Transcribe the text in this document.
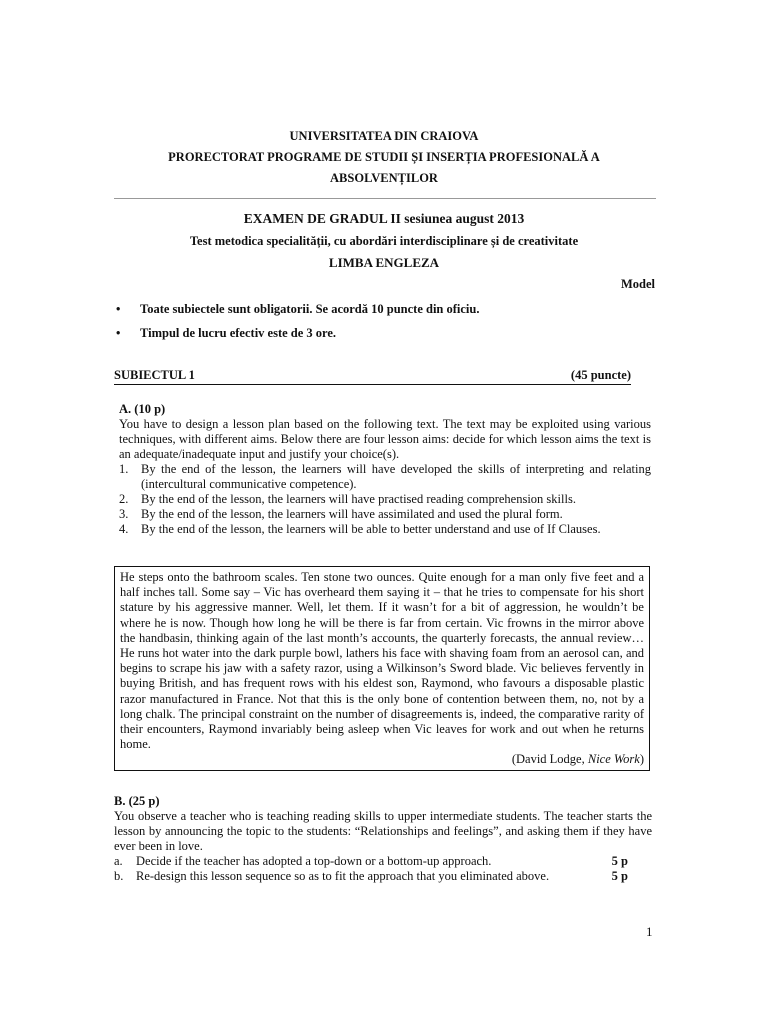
UNIVERSITATEA DIN CRAIOVA
PRORECTORAT PROGRAME DE STUDII ȘI INSERȚIA PROFESIONALĂ A
ABSOLVENȚILOR
EXAMEN DE GRADUL II sesiunea august 2013
Test metodica specialității, cu abordări interdisciplinare și de creativitate
LIMBA ENGLEZA
Model
• Toate subiectele sunt obligatorii. Se acordă 10 puncte din oficiu.
• Timpul de lucru efectiv este de 3 ore.
SUBIECTUL 1	(45 puncte)
A. (10 p)
You have to design a lesson plan based on the following text. The text may be exploited using various techniques, with different aims. Below there are four lesson aims: decide for which lesson aims the text is an adequate/inadequate input and justify your choice(s).
1. By the end of the lesson, the learners will have developed the skills of interpreting and relating (intercultural communicative competence).
2. By the end of the lesson, the learners will have practised reading comprehension skills.
3. By the end of the lesson, the learners will have assimilated and used the plural form.
4. By the end of the lesson, the learners will be able to better understand and use of If Clauses.
He steps onto the bathroom scales. Ten stone two ounces. Quite enough for a man only five feet and a half inches tall. Some say – Vic has overheard them saying it – that he tries to compensate for his short stature by his aggressive manner. Well, let them. If it wasn’t for a bit of aggression, he wouldn’t be where he is now. Though how long he will be there is far from certain. Vic frowns in the mirror above the handbasin, thinking again of the last month’s accounts, the quarterly forecasts, the annual review…He runs hot water into the dark purple bowl, lathers his face with shaving foam from an aerosol can, and begins to scrape his jaw with a safety razor, using a Wilkinson’s Sword blade. Vic believes fervently in buying British, and has frequent rows with his eldest son, Raymond, who favours a disposable plastic razor manufactured in France. Not that this is the only bone of contention between them, no, not by a long chalk. The principal constraint on the number of disagreements is, indeed, the comparative rarity of their encounters, Raymond invariably being asleep when Vic leaves for work and out when he returns home.
(David Lodge, Nice Work)
B. (25 p)
You observe a teacher who is teaching reading skills to upper intermediate students. The teacher starts the lesson by announcing the topic to the students: “Relationships and feelings”, and asking them if they have ever been in love.
a. Decide if the teacher has adopted a top-down or a bottom-up approach.	5 p
b. Re-design this lesson sequence so as to fit the approach that you eliminated above.	5 p
1
